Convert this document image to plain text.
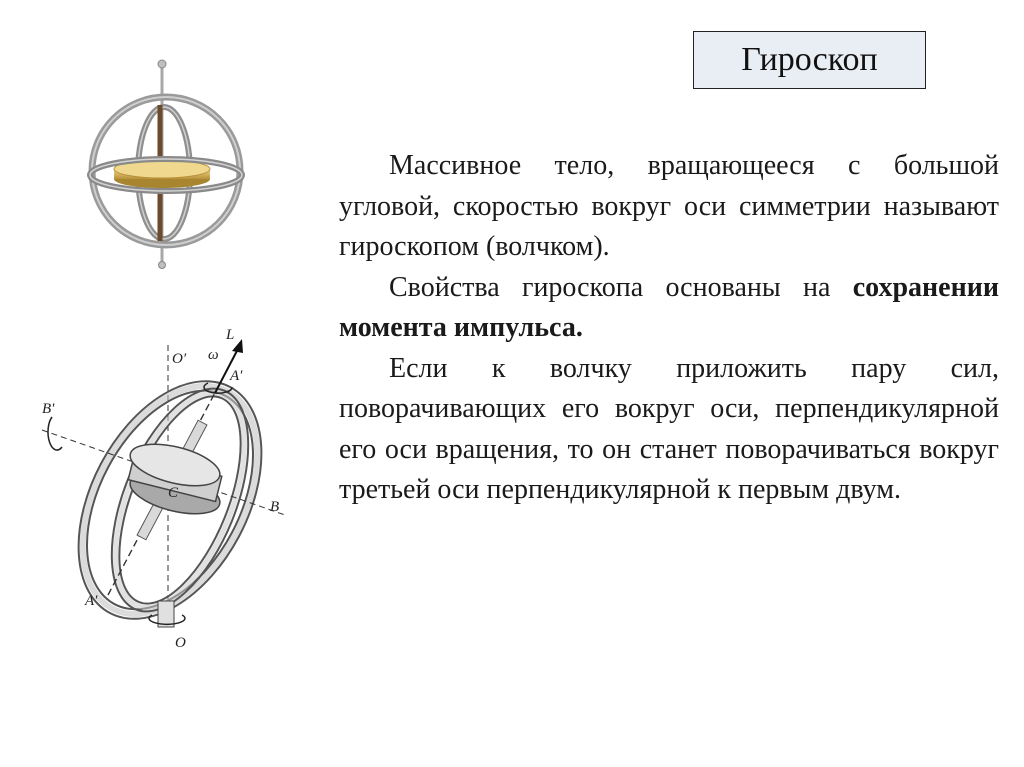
Гироскоп
L
ω
O′
A′
B′
C
B
A′
O

Массивное тело, вращающееся с большой угловой, скоростью вокруг оси симметрии называют гироскопом (волчком).

Свойства гироскопа основаны на сохранении момента импульса.

Если к волчку приложить пару сил, поворачивающих его вокруг оси, перпендикулярной его оси вращения, то он станет поворачиваться вокруг третьей оси перпендикулярной к первым двум.
